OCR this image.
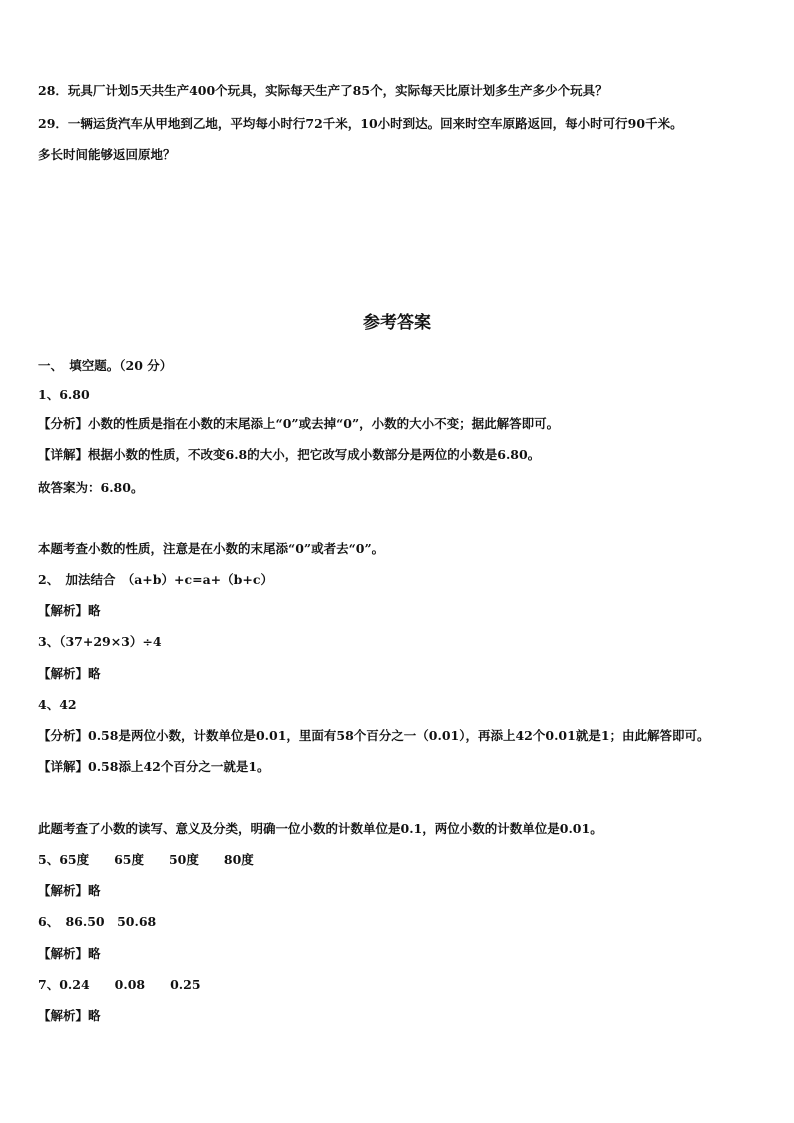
28．玩具厂计划5天共生产400个玩具，实际每天生产了85个，实际每天比原计划多生产多少个玩具？

29．一辆运货汽车从甲地到乙地，平均每小时行72千米，10小时到达。回来时空车原路返回，每小时可行90千米。

多长时间能够返回原地？

参考答案

一、　填空题。（20 分）

1、6.80

【分析】小数的性质是指在小数的末尾添上“0”或去掉“0”，小数的大小不变；据此解答即可。

【详解】根据小数的性质，不改变6.8的大小，把它改写成小数部分是两位的小数是6.80。

故答案为：6.80。

本题考查小数的性质，注意是在小数的末尾添“0”或者去“0”。

2、　加法结合　（a+b）+c=a+（b+c）

【解析】略

3、（37+29×3）÷4

【解析】略

4、42

【分析】0.58是两位小数，计数单位是0.01，里面有58个百分之一（0.01），再添上42个0.01就是1；由此解答即可。

【详解】0.58添上42个百分之一就是1。

此题考查了小数的读写、意义及分类，明确一位小数的计数单位是0.1，两位小数的计数单位是0.01。

5、65度　　65度　　50度　　80度

【解析】略

6、　86.50　50.68

【解析】略

7、0.24　　0.08　　0.25

【解析】略
